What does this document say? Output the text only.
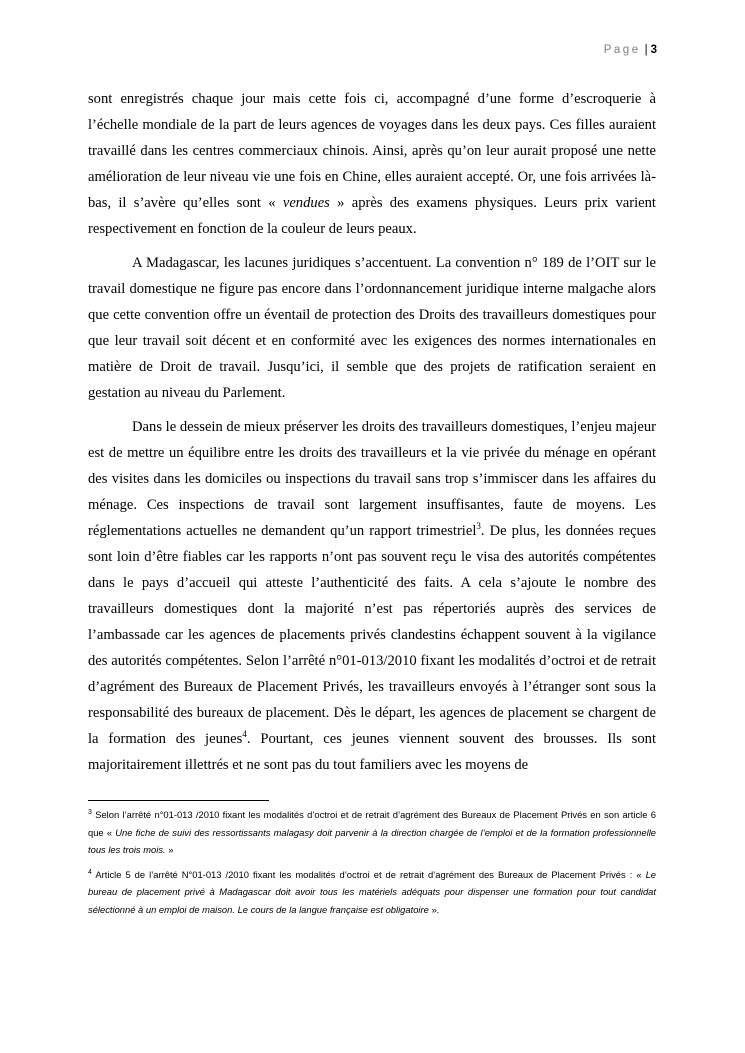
Page | 3

sont enregistrés chaque jour mais cette fois ci, accompagné d’une forme d’escroquerie à l’échelle mondiale de la part de leurs agences de voyages dans les deux pays. Ces filles auraient travaillé dans les centres commerciaux chinois. Ainsi, après qu’on leur aurait proposé une nette amélioration de leur niveau vie une fois en Chine, elles auraient accepté. Or, une fois arrivées là-bas, il s’avère qu’elles sont « vendues » après des examens physiques. Leurs prix varient respectivement en fonction de la couleur de leurs peaux.

A Madagascar, les lacunes juridiques s’accentuent. La convention n° 189 de l’OIT sur le travail domestique ne figure pas encore dans l’ordonnancement juridique interne malgache alors que cette convention offre un éventail de protection des Droits des travailleurs domestiques pour que leur travail soit décent et en conformité avec les exigences des normes internationales en matière de Droit de travail. Jusqu’ici, il semble que des projets de ratification seraient en gestation au niveau du Parlement.

Dans le dessein de mieux préserver les droits des travailleurs domestiques, l’enjeu majeur est de mettre un équilibre entre les droits des travailleurs et la vie privée du ménage en opérant des visites dans les domiciles ou inspections du travail sans trop s’immiscer dans les affaires du ménage. Ces inspections de travail sont largement insuffisantes, faute de moyens. Les réglementations actuelles ne demandent qu’un rapport trimestriel$^3$. De plus, les données reçues sont loin d’être fiables car les rapports n’ont pas souvent reçu le visa des autorités compétentes dans le pays d’accueil qui atteste l’authenticité des faits. A cela s’ajoute le nombre des travailleurs domestiques dont la majorité n’est pas répertoriés auprès des services de l’ambassade car les agences de placements privés clandestins échappent souvent à la vigilance des autorités compétentes. Selon l’arrêté n°01-013/2010 fixant les modalités d’octroi et de retrait d’agrément des Bureaux de Placement Privés, les travailleurs envoyés à l’étranger sont sous la responsabilité des bureaux de placement. Dès le départ, les agences de placement se chargent de la formation des jeunes$^4$. Pourtant, ces jeunes viennent souvent des brousses. Ils sont majoritairement illettrés et ne sont pas du tout familiers avec les moyens de

$^3$ Selon l’arrêté n°01-013 /2010 fixant les modalités d’octroi et de retrait d’agrément des Bureaux de Placement Privés en son article 6 que « Une fiche de suivi des ressortissants malagasy doit parvenir à la direction chargée de l’emploi et de la formation professionnelle tous les trois mois. »

$^4$ Article 5 de l’arrêté N°01-013 /2010 fixant les modalités d’octroi et de retrait d’agrément des Bureaux de Placement Privés : « Le bureau de placement privé à Madagascar doit avoir tous les matériels adéquats pour dispenser une formation pour tout candidat sélectionné à un emploi de maison. Le cours de la langue française est obligatoire ».
